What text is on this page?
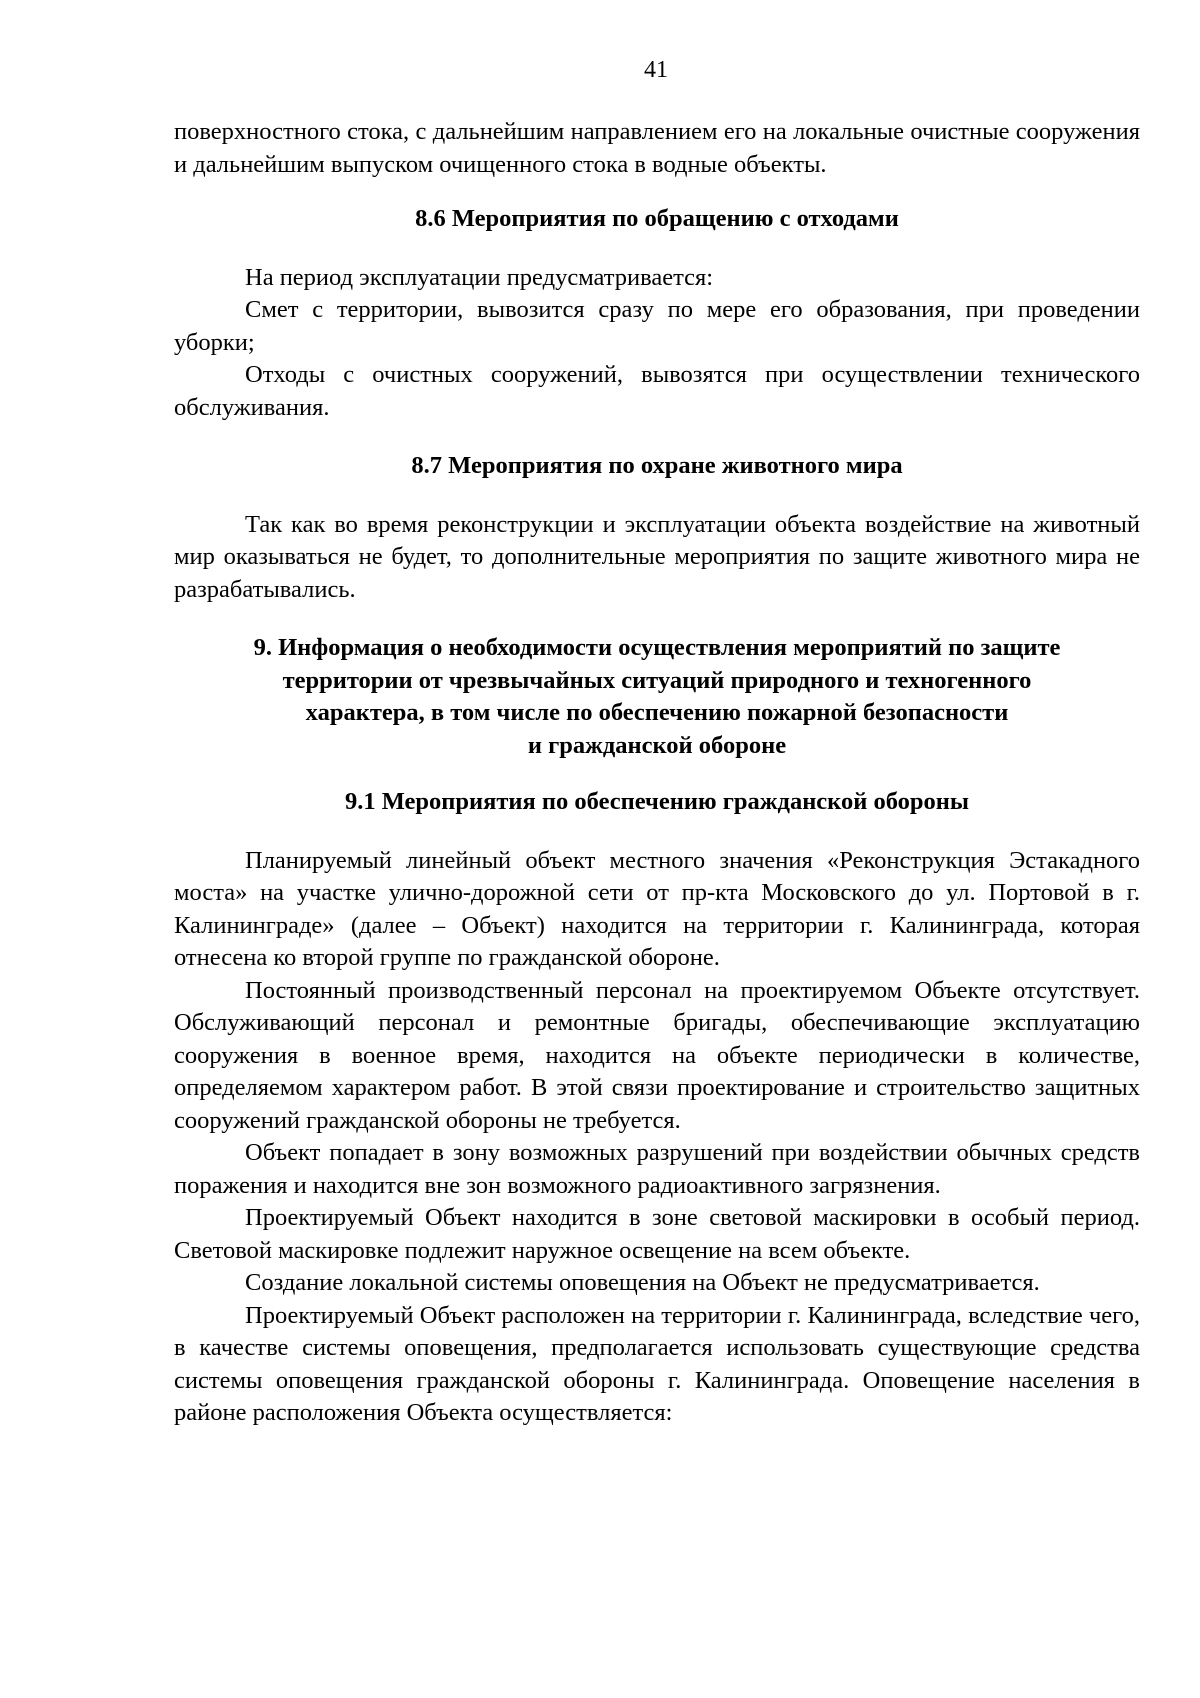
41

поверхностного стока, с дальнейшим направлением его на локальные очистные сооружения и дальнейшим выпуском очищенного стока в водные объекты.

8.6 Мероприятия по обращению с отходами

На период эксплуатации предусматривается:

Смет с территории, вывозится сразу по мере его образования, при проведении уборки;

Отходы с очистных сооружений, вывозятся при осуществлении технического обслуживания.

8.7 Мероприятия по охране животного мира

Так как во время реконструкции и эксплуатации объекта воздействие на животный мир оказываться не будет, то дополнительные мероприятия по защите животного мира не разрабатывались.

9. Информация о необходимости осуществления мероприятий по защите
территории от чрезвычайных ситуаций природного и техногенного
характера, в том числе по обеспечению пожарной безопасности
и гражданской обороне
9.1 Мероприятия по обеспечению гражданской обороны

Планируемый линейный объект местного значения «Реконструкция Эстакадного моста» на участке улично-дорожной сети от пр-кта Московского до ул. Портовой в г. Калининграде» (далее – Объект) находится на территории г. Калининграда, которая отнесена ко второй группе по гражданской обороне.

Постоянный производственный персонал на проектируемом Объекте отсутствует. Обслуживающий персонал и ремонтные бригады, обеспечивающие эксплуатацию сооружения в военное время, находится на объекте периодически в количестве, определяемом характером работ. В этой связи проектирование и строительство защитных сооружений гражданской обороны не требуется.

Объект попадает в зону возможных разрушений при воздействии обычных средств поражения и находится вне зон возможного радиоактивного загрязнения.

Проектируемый Объект находится в зоне световой маскировки в особый период. Световой маскировке подлежит наружное освещение на всем объекте.

Создание локальной системы оповещения на Объект не предусматривается.

Проектируемый Объект расположен на территории г. Калининграда, вследствие чего, в качестве системы оповещения, предполагается использовать существующие средства системы оповещения гражданской обороны г. Калининграда. Оповещение населения в районе расположения Объекта осуществляется:
